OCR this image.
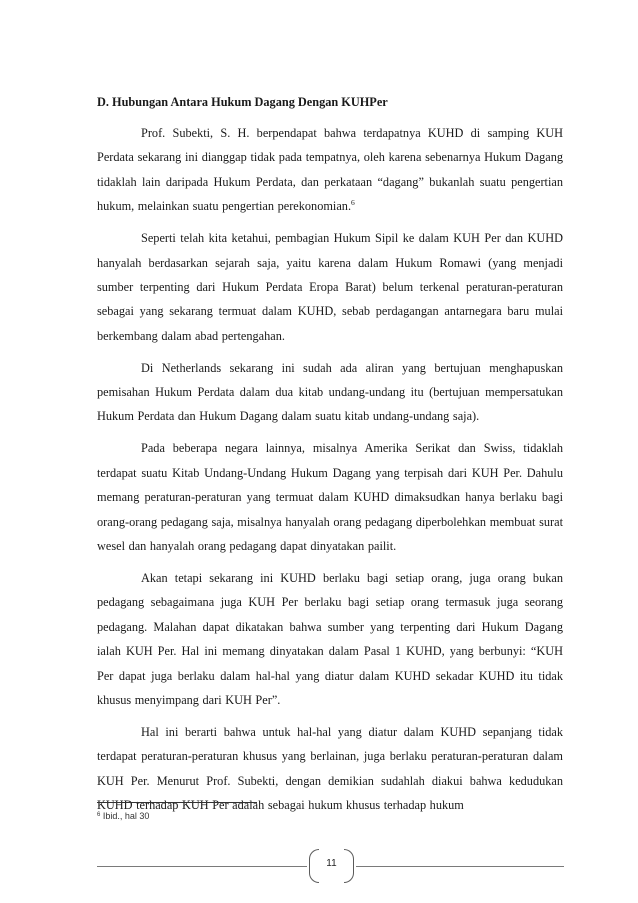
D. Hubungan Antara Hukum Dagang Dengan KUHPer

Prof. Subekti, S. H. berpendapat bahwa terdapatnya KUHD di samping KUH Perdata sekarang ini dianggap tidak pada tempatnya, oleh karena sebenarnya Hukum Dagang tidaklah lain daripada Hukum Perdata, dan perkataan “dagang” bukanlah suatu pengertian hukum, melainkan suatu pengertian perekonomian.$^6$

Seperti telah kita ketahui, pembagian Hukum Sipil ke dalam KUH Per dan KUHD hanyalah berdasarkan sejarah saja, yaitu karena dalam Hukum Romawi (yang menjadi sumber terpenting dari Hukum Perdata Eropa Barat) belum terkenal peraturan-peraturan sebagai yang sekarang termuat dalam KUHD, sebab perdagangan antarnegara baru mulai berkembang dalam abad pertengahan.

Di Netherlands sekarang ini sudah ada aliran yang bertujuan menghapuskan pemisahan Hukum Perdata dalam dua kitab undang-undang itu (bertujuan mempersatukan Hukum Perdata dan Hukum Dagang dalam suatu kitab undang-undang saja).

Pada beberapa negara lainnya, misalnya Amerika Serikat dan Swiss, tidaklah terdapat suatu Kitab Undang-Undang Hukum Dagang yang terpisah dari KUH Per. Dahulu memang peraturan-peraturan yang termuat dalam KUHD dimaksudkan hanya berlaku bagi orang-orang pedagang saja, misalnya hanyalah orang pedagang diperbolehkan membuat surat wesel dan hanyalah orang pedagang dapat dinyatakan pailit.

Akan tetapi sekarang ini KUHD berlaku bagi setiap orang, juga orang bukan pedagang sebagaimana juga KUH Per berlaku bagi setiap orang termasuk juga seorang pedagang. Malahan dapat dikatakan bahwa sumber yang terpenting dari Hukum Dagang ialah KUH Per. Hal ini memang dinyatakan dalam Pasal 1 KUHD, yang berbunyi: “KUH Per dapat juga berlaku dalam hal-hal yang diatur dalam KUHD sekadar KUHD itu tidak khusus menyimpang dari KUH Per”.

Hal ini berarti bahwa untuk hal-hal yang diatur dalam KUHD sepanjang tidak terdapat peraturan-peraturan khusus yang berlainan, juga berlaku peraturan-peraturan dalam KUH Per. Menurut Prof. Subekti, dengan demikian sudahlah diakui bahwa kedudukan KUHD terhadap KUH Per adalah sebagai hukum khusus terhadap hukum

$^6$ Ibid., hal 30
11
